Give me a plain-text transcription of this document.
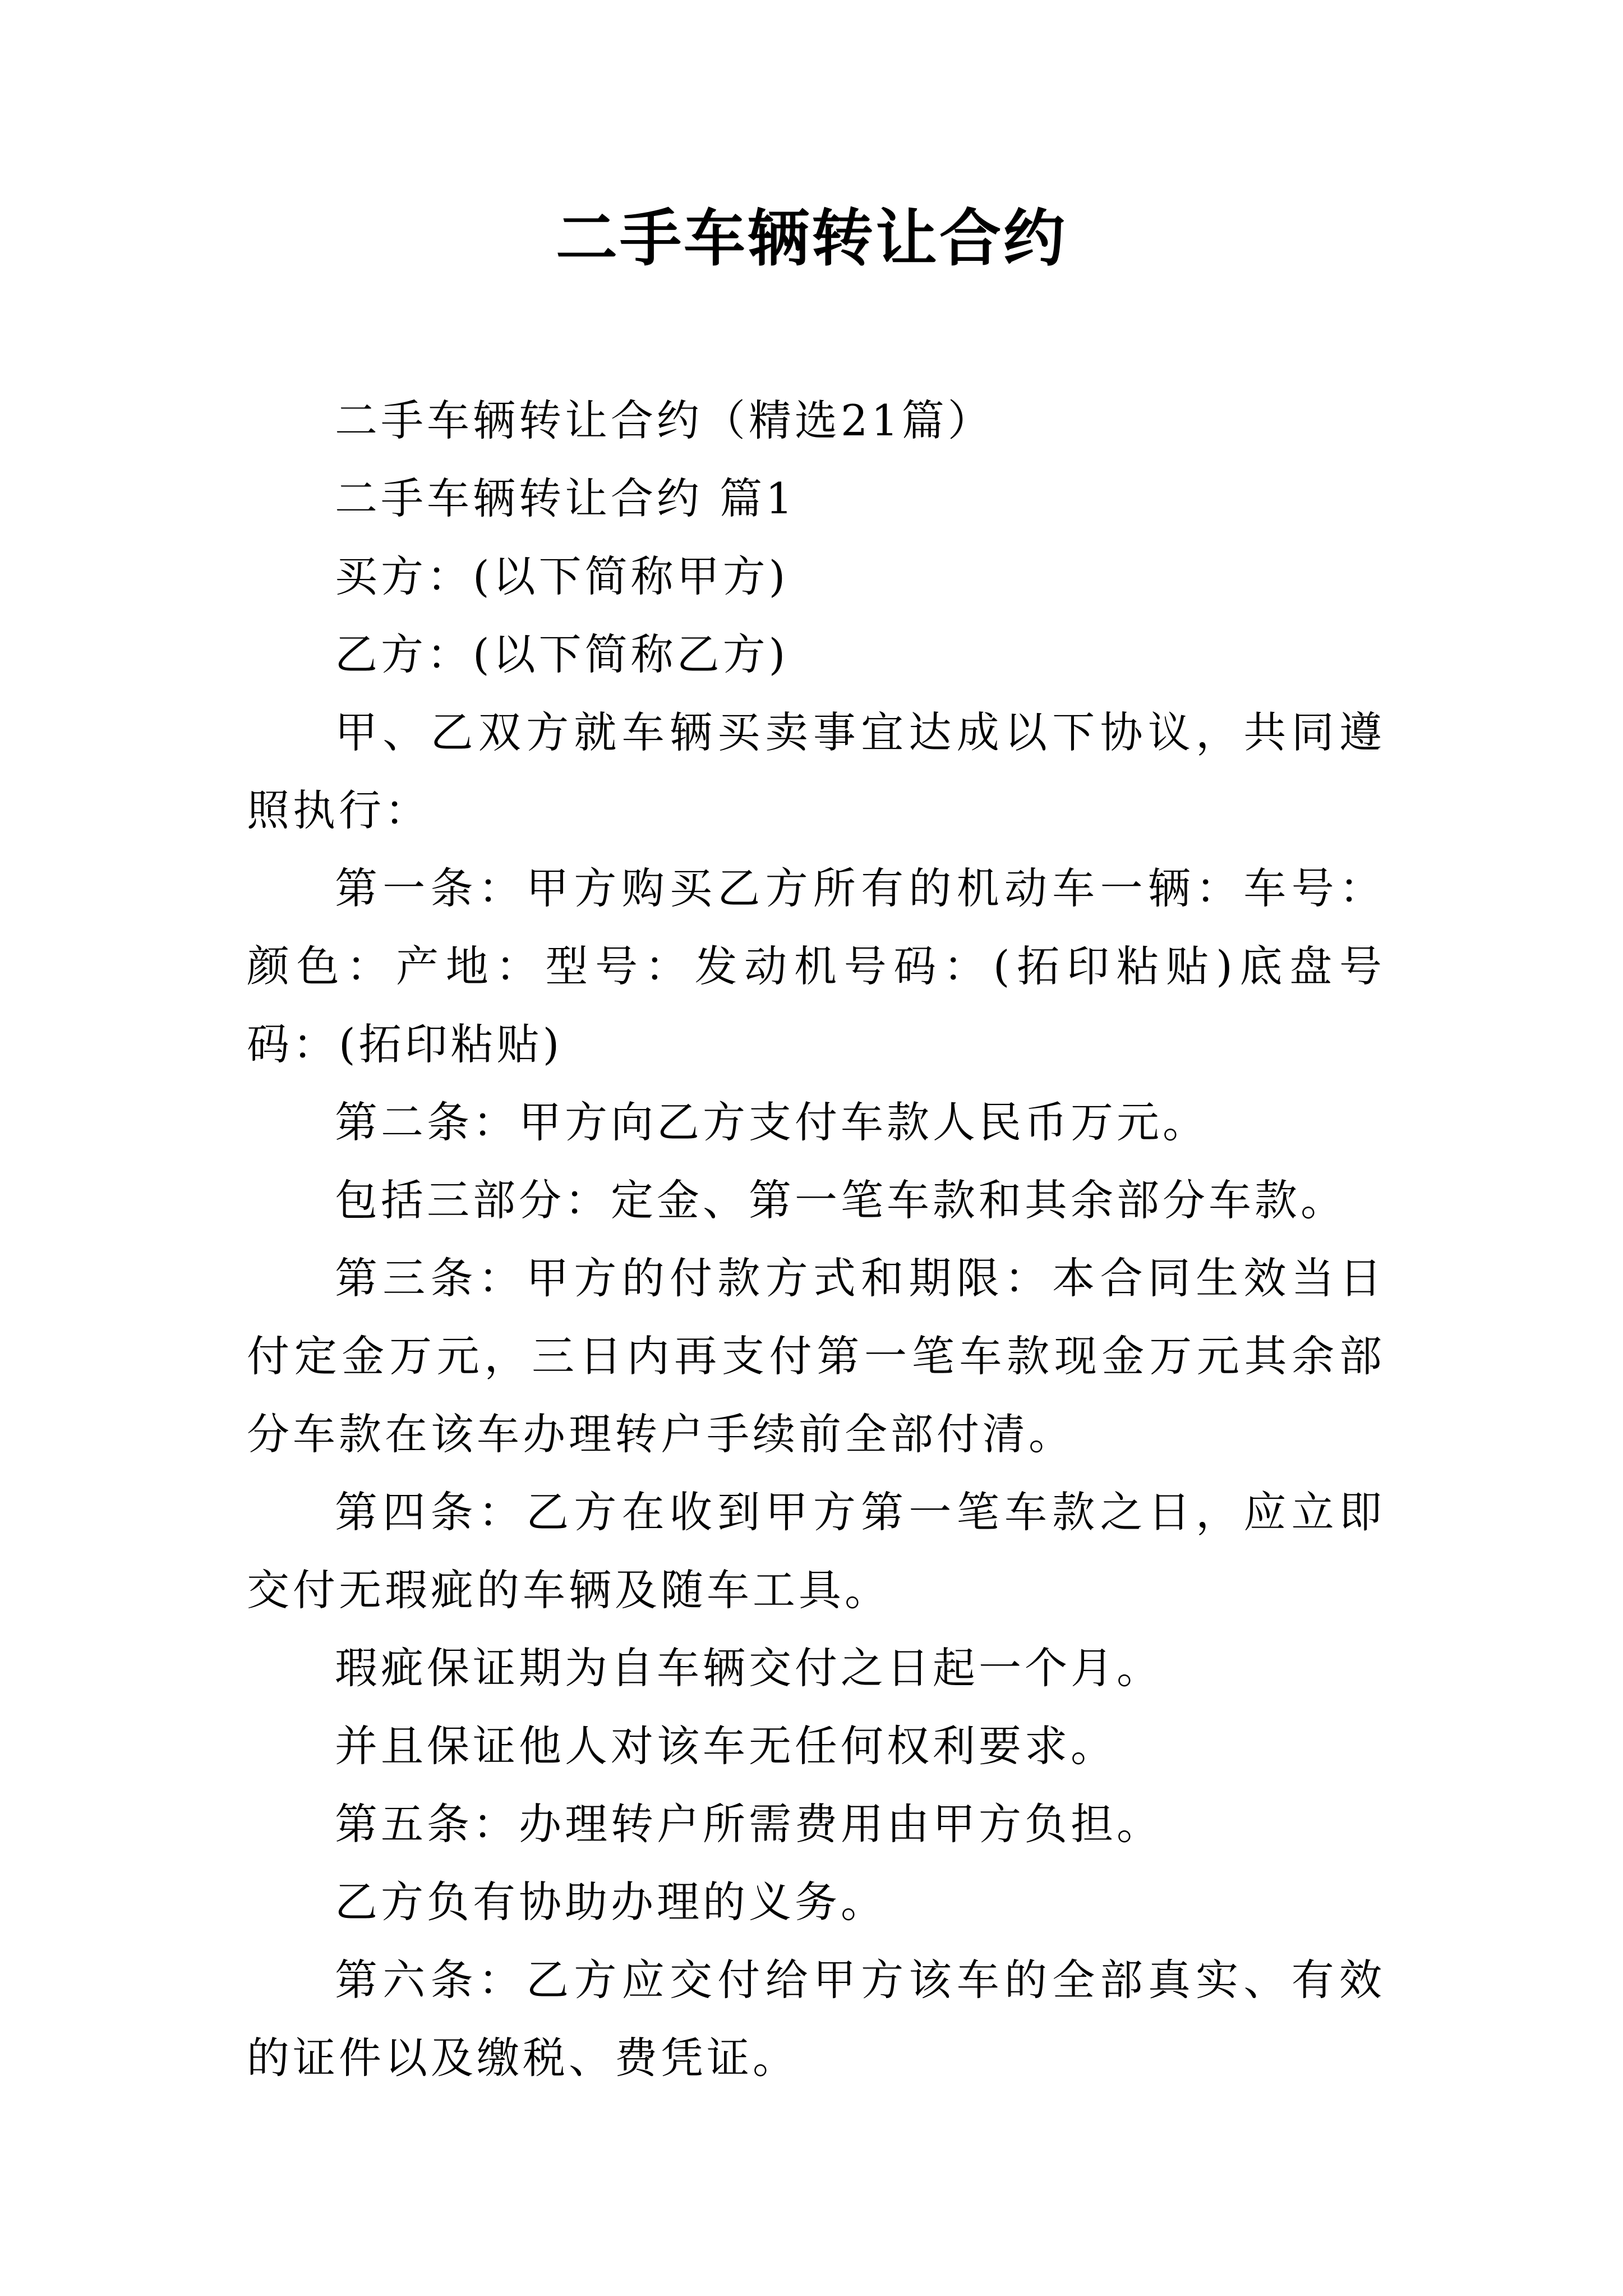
二手车辆转让合约

二手车辆转让合约（精选21篇）

二手车辆转让合约 篇1

买方：(以下简称甲方)

乙方：(以下简称乙方)

甲、乙双方就车辆买卖事宜达成以下协议，共同遵照执行：

第一条：甲方购买乙方所有的机动车一辆：车号：颜色：产地：型号：发动机号码：(拓印粘贴)底盘号码：(拓印粘贴)

第二条：甲方向乙方支付车款人民币万元。

包括三部分：定金、第一笔车款和其余部分车款。

第三条：甲方的付款方式和期限：本合同生效当日付定金万元，三日内再支付第一笔车款现金万元其余部分车款在该车办理转户手续前全部付清。

第四条：乙方在收到甲方第一笔车款之日，应立即交付无瑕疵的车辆及随车工具。

瑕疵保证期为自车辆交付之日起一个月。

并且保证他人对该车无任何权利要求。

第五条：办理转户所需费用由甲方负担。

乙方负有协助办理的义务。

第六条：乙方应交付给甲方该车的全部真实、有效的证件以及缴税、费凭证。
